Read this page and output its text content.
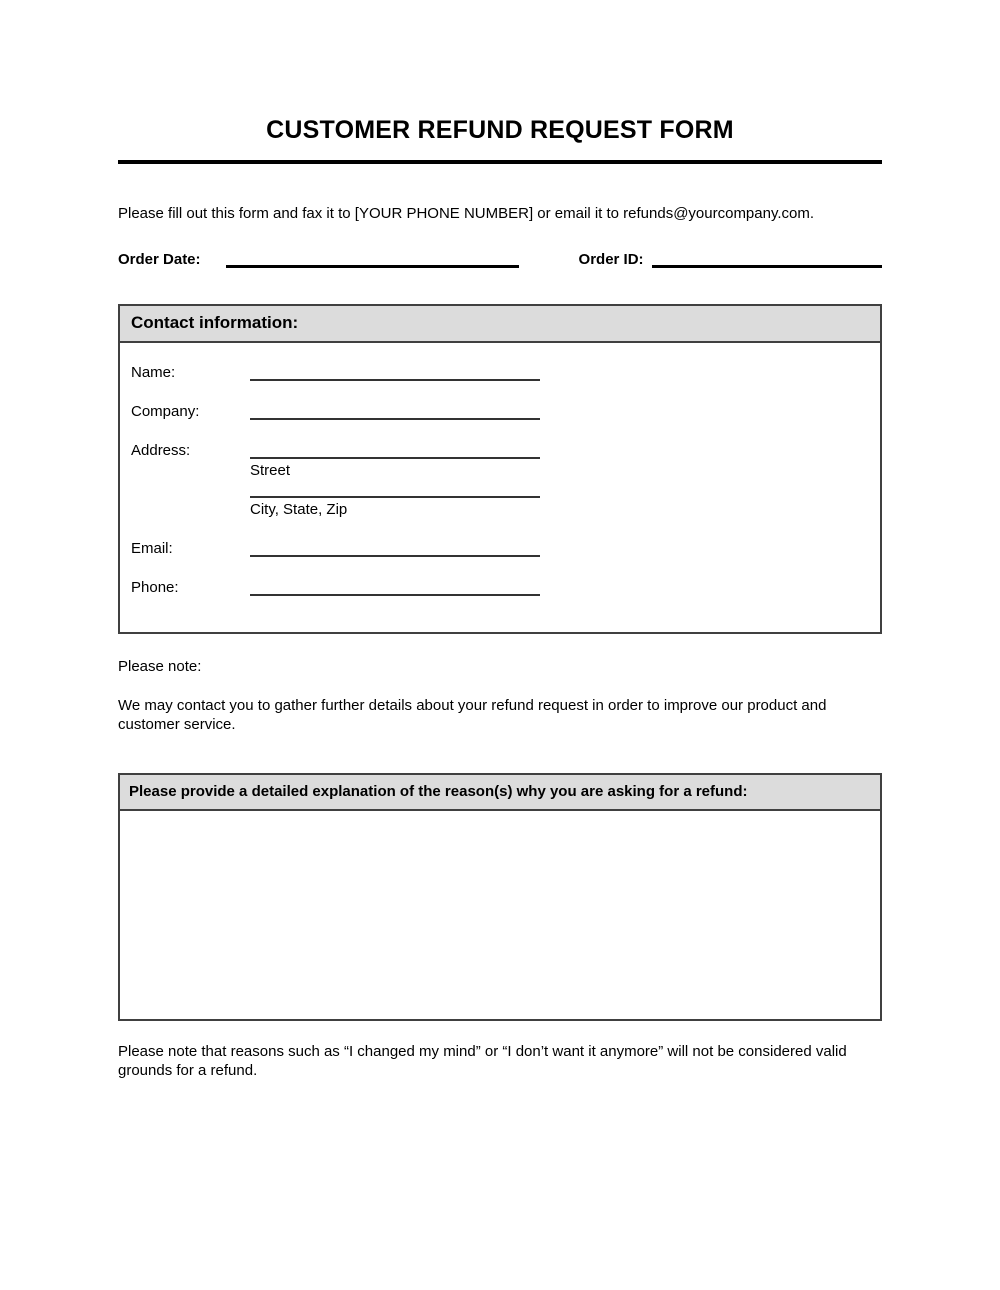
CUSTOMER REFUND REQUEST FORM
Please fill out this form and fax it to [YOUR PHONE NUMBER] or email it to refunds@yourcompany.com.
Order Date:	Order ID:
Contact information:
Name:
Company:
Address:
Street
City, State, Zip
Email:
Phone:
Please note:
We may contact you to gather further details about your refund request in order to improve our product and customer service.
Please provide a detailed explanation of the reason(s) why you are asking for a refund:
Please note that reasons such as “I changed my mind” or “I don’t want it anymore” will not be considered valid grounds for a refund.
